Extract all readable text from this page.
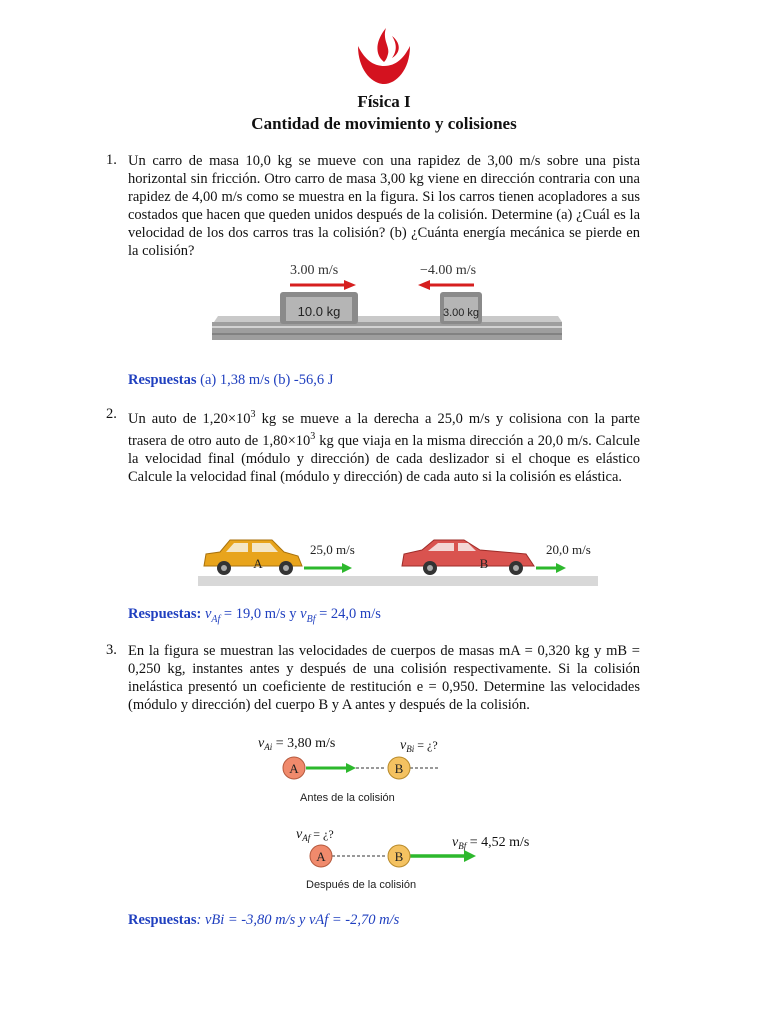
Física I
Cantidad de movimiento y colisiones
1. Un carro de masa 10,0 kg se mueve con una rapidez de 3,00 m/s sobre una pista horizontal sin fricción. Otro carro de masa 3,00 kg viene en dirección contraria con una rapidez de 4,00 m/s como se muestra en la figura. Si los carros tienen acopladores a sus costados que hacen que queden unidos después de la colisión. Determine (a) ¿Cuál es la velocidad de los dos carros tras la colisión? (b) ¿Cuánta energía mecánica se pierde en la colisión?
3.00 m/s	−4.00 m/s
10.0 kg	3.00 kg
Respuestas (a) 1,38 m/s (b) -56,6 J
2. Un auto de $1,20\times 10^3$ kg se mueve a la derecha a 25,0 m/s y colisiona con la parte trasera de otro auto de $1,80\times 10^3$ kg que viaja en la misma dirección a 20,0 m/s. Calcule la velocidad final (módulo y dirección) de cada deslizador si el choque es elástico Calcule la velocidad final (módulo y dirección) de cada auto si la colisión es elástica.
A
25,0 m/s
B
20,0 m/s
Respuestas: $v_{Af} = 19,0$ m/s y $v_{Bf} = 24,0$ m/s
3. En la figura se muestran las velocidades de cuerpos de masas mA = 0,320 kg y mB = 0,250 kg, instantes antes y después de una colisión respectivamente. Si la colisión inelástica presentó un coeficiente de restitución e = 0,950. Determine las velocidades (módulo y dirección) del cuerpo B y A antes y después de la colisión.
$v_{Ai} = 3,80$ m/s	$v_{Bi}$ = ¿?
A	B
Antes de la colisión
$v_{Af}$ = ¿?
$v_{Bf} = 4,52$ m/s
A	B
Después de la colisión
Respuestas: vBi = -3,80 m/s y vAf = -2,70 m/s
